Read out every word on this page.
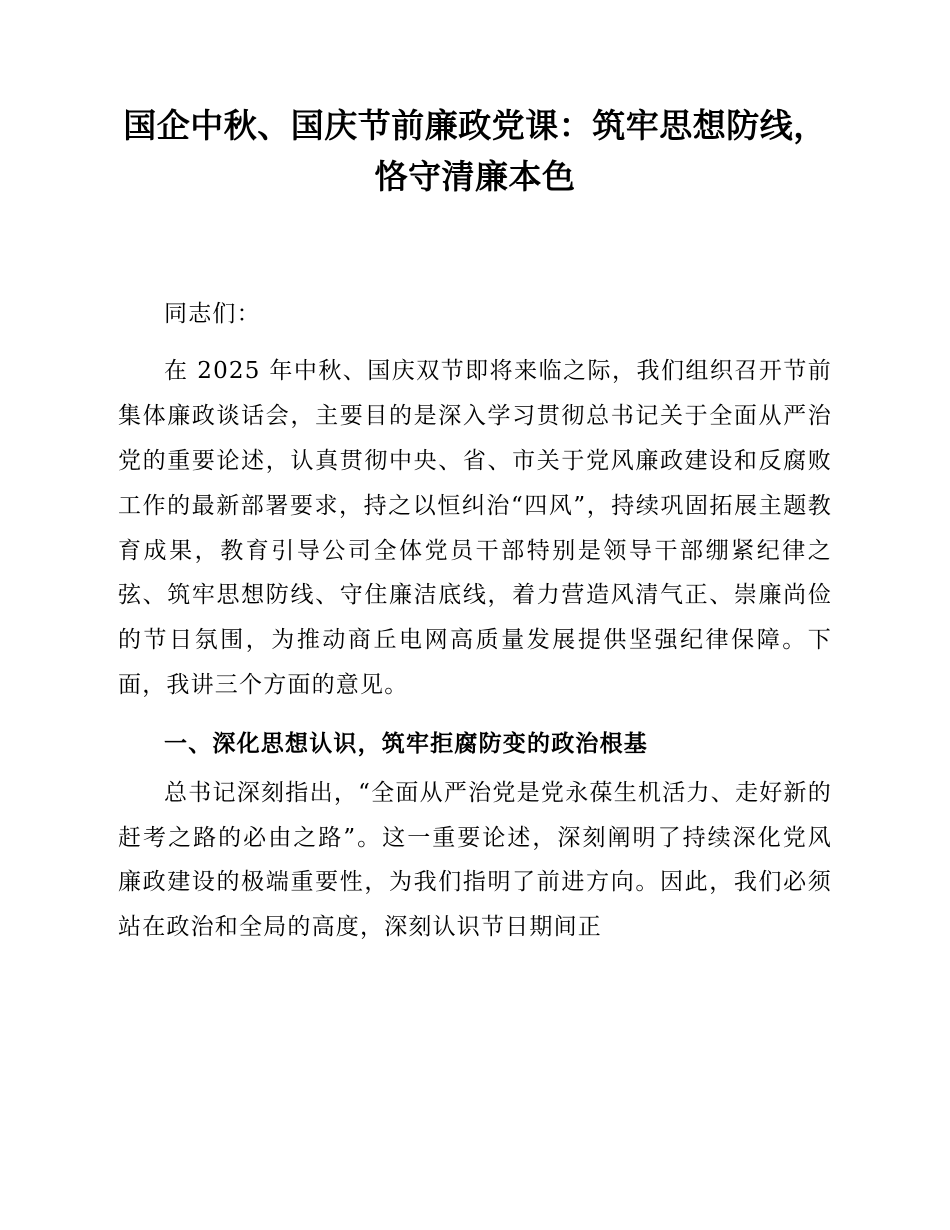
国企中秋、国庆节前廉政党课：筑牢思想防线，恪守清廉本色

同志们：

在 2025 年中秋、国庆双节即将来临之际，我们组织召开节前集体廉政谈话会，主要目的是深入学习贯彻总书记关于全面从严治党的重要论述，认真贯彻中央、省、市关于党风廉政建设和反腐败工作的最新部署要求，持之以恒纠治“四风”，持续巩固拓展主题教育成果，教育引导公司全体党员干部特别是领导干部绷紧纪律之弦、筑牢思想防线、守住廉洁底线，着力营造风清气正、崇廉尚俭的节日氛围，为推动商丘电网高质量发展提供坚强纪律保障。下面，我讲三个方面的意见。

一、深化思想认识，筑牢拒腐防变的政治根基

总书记深刻指出，“全面从严治党是党永葆生机活力、走好新的赶考之路的必由之路”。这一重要论述，深刻阐明了持续深化党风廉政建设的极端重要性，为我们指明了前进方向。因此，我们必须站在政治和全局的高度，深刻认识节日期间正
